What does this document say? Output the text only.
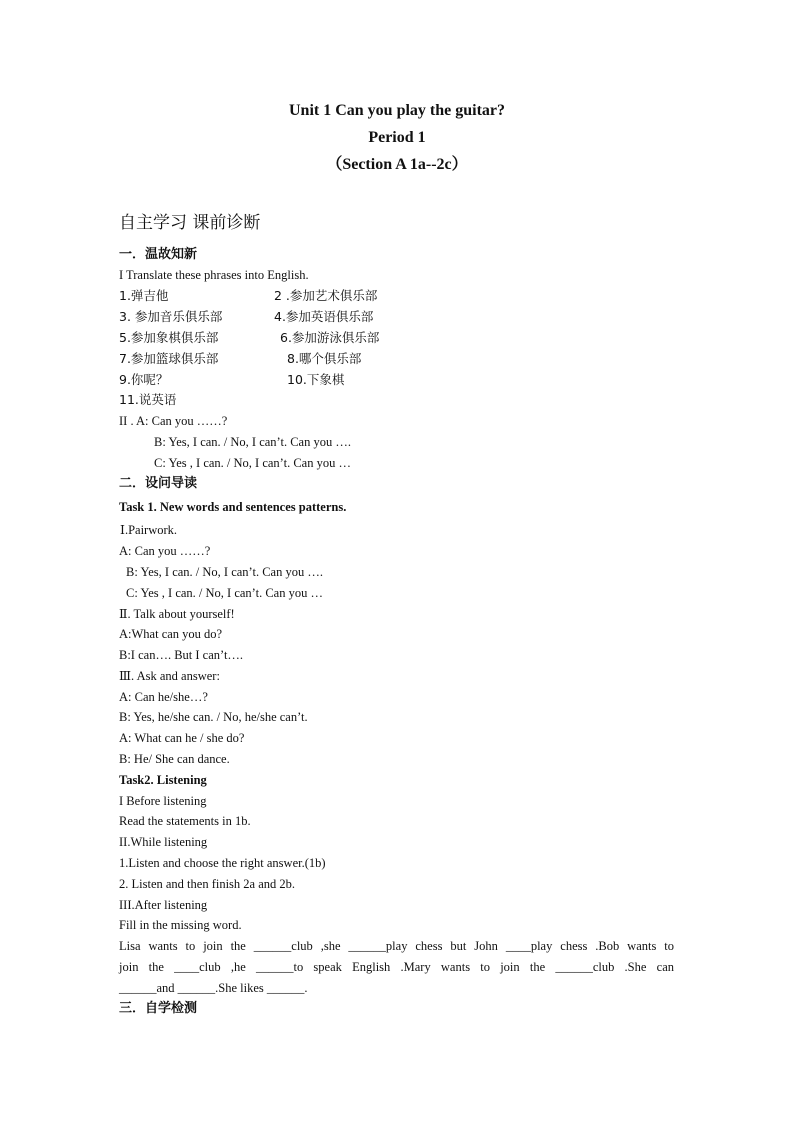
Unit 1 Can you play the guitar?
Period 1
（Section A 1a--2c）
自主学习 课前诊断
一．温故知新
I Translate these phrases into English.
1.弹吉他	2 .参加艺术俱乐部
3. 参加音乐俱乐部	4.参加英语俱乐部
5.参加象棋俱乐部	6.参加游泳俱乐部
7.参加篮球俱乐部	8.哪个俱乐部
9.你呢？	10.下象棋
11.说英语
II . A: Can you ……?
B: Yes, I can. / No, I can’t. Can you ….
C: Yes , I can. / No, I can’t. Can you …
二．设问导读
Task 1. New words and sentences patterns.
Ⅰ.Pairwork.
A: Can you ……?
B: Yes, I can. / No, I can’t. Can you ….
C: Yes , I can. / No, I can’t. Can you …
Ⅱ. Talk about yourself!
A:What can you do?
B:I can…. But I can’t….
Ⅲ. Ask and answer:
A: Can he/she…?
B: Yes, he/she can. / No, he/she can’t.
A: What can he / she do?
B: He/ She can dance.
Task2. Listening
I Before listening
Read the statements in 1b.
II.While listening
1.Listen and choose the right answer.(1b)
2. Listen and then finish 2a and 2b.
III.After listening
Fill in the missing word.
Lisa wants to join the ______club ,she ______play chess but John ____play chess .Bob wants to
join the ____club ,he ______to speak English .Mary wants to join the ______club .She can
______and ______.She likes ______.
三．自学检测
